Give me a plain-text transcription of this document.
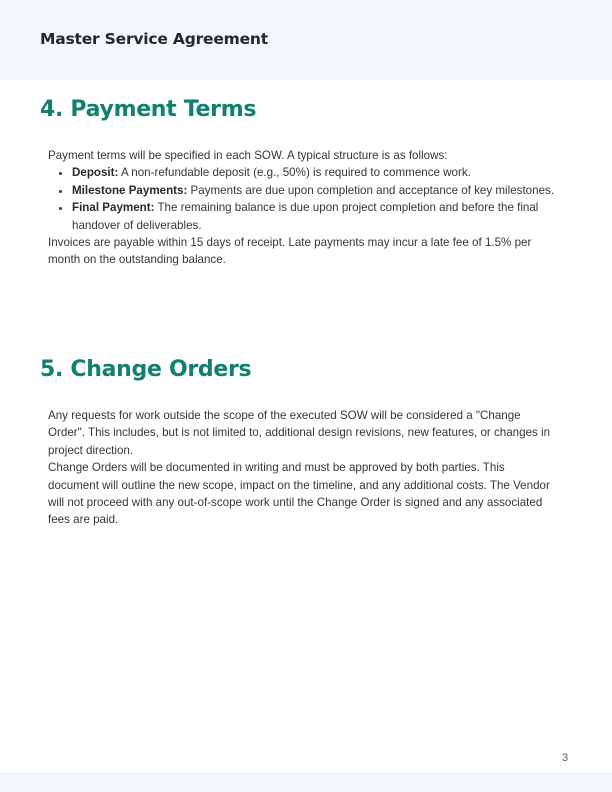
Master Service Agreement
4. Payment Terms

Payment terms will be specified in each SOW. A typical structure is as follows:

• Deposit: A non-refundable deposit (e.g., 50%) is required to commence work.
• Milestone Payments: Payments are due upon completion and acceptance of key milestones.
• Final Payment: The remaining balance is due upon project completion and before the final handover of deliverables.

Invoices are payable within 15 days of receipt. Late payments may incur a late fee of 1.5% per month on the outstanding balance.

5. Change Orders

Any requests for work outside the scope of the executed SOW will be considered a "Change Order". This includes, but is not limited to, additional design revisions, new features, or changes in project direction.

Change Orders will be documented in writing and must be approved by both parties. This document will outline the new scope, impact on the timeline, and any additional costs. The Vendor will not proceed with any out-of-scope work until the Change Order is signed and any associated fees are paid.

3
